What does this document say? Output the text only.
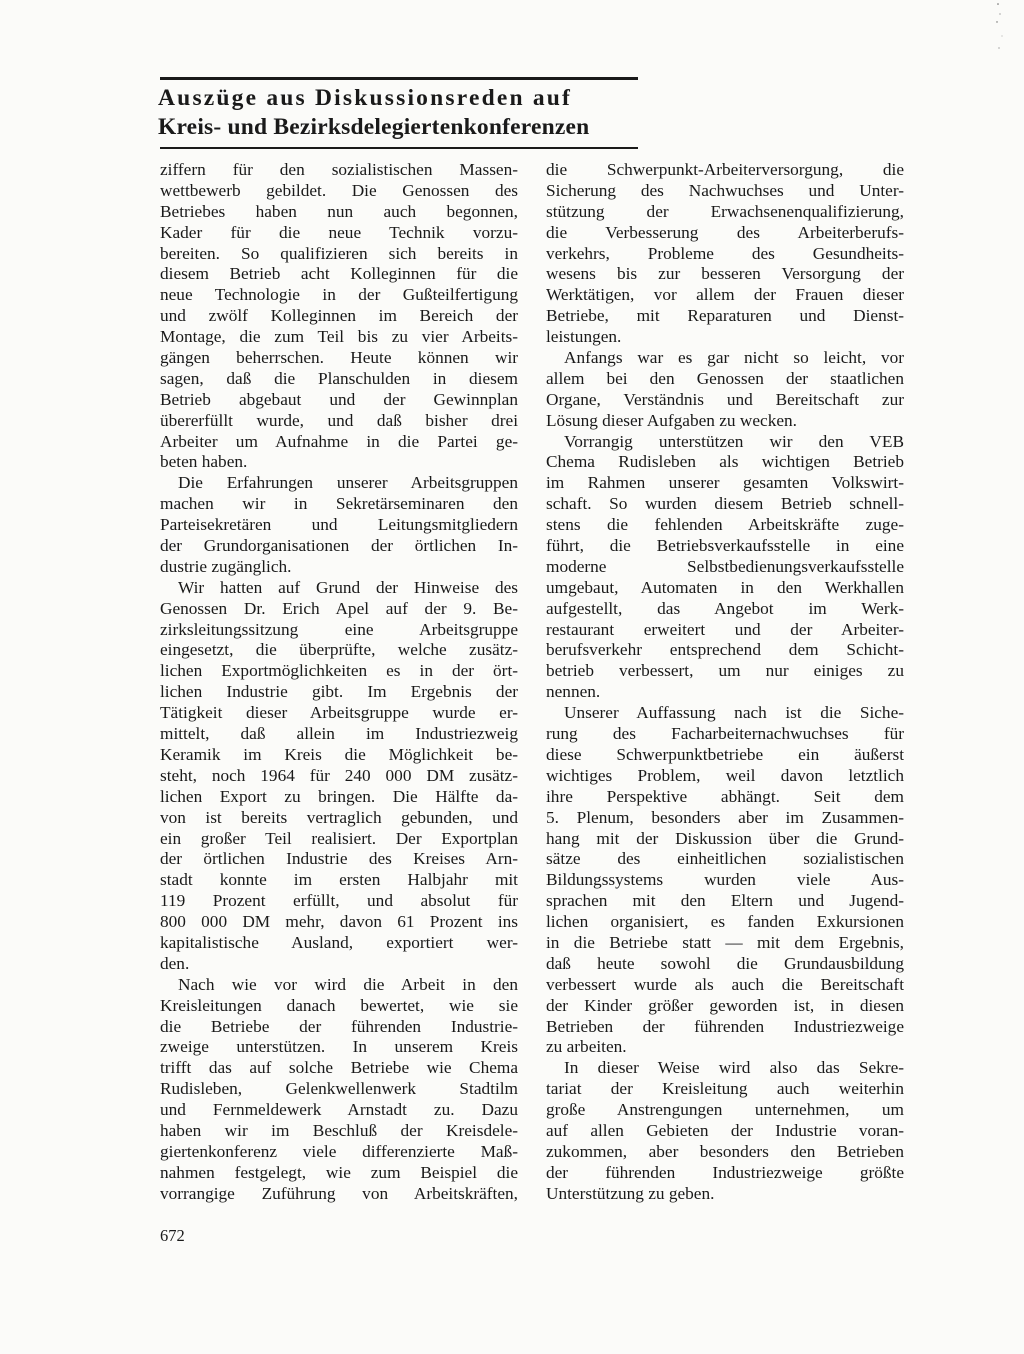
Auszüge aus Diskussionsreden auf
Kreis- und Bezirksdelegiertenkonferenzen
ziffern für den sozialistischen Massen-
wettbewerb gebildet. Die Genossen des
Betriebes haben nun auch begonnen,
Kader für die neue Technik vorzu-
bereiten. So qualifizieren sich bereits in
diesem Betrieb acht Kolleginnen für die
neue Technologie in der Gußteilfertigung
und zwölf Kolleginnen im Bereich der
Montage, die zum Teil bis zu vier Arbeits-
gängen beherrschen. Heute können wir
sagen, daß die Planschulden in diesem
Betrieb abgebaut und der Gewinnplan
übererfüllt wurde, und daß bisher drei
Arbeiter um Aufnahme in die Partei ge-
beten haben.
Die Erfahrungen unserer Arbeitsgruppen
machen wir in Sekretärseminaren den
Parteisekretären und Leitungsmitgliedern
der Grundorganisationen der örtlichen In-
dustrie zugänglich.
Wir hatten auf Grund der Hinweise des
Genossen Dr. Erich Apel auf der 9. Be-
zirksleitungssitzung eine Arbeitsgruppe
eingesetzt, die überprüfte, welche zusätz-
lichen Exportmöglichkeiten es in der ört-
lichen Industrie gibt. Im Ergebnis der
Tätigkeit dieser Arbeitsgruppe wurde er-
mittelt, daß allein im Industriezweig
Keramik im Kreis die Möglichkeit be-
steht, noch 1964 für 240 000 DM zusätz-
lichen Export zu bringen. Die Hälfte da-
von ist bereits vertraglich gebunden, und
ein großer Teil realisiert. Der Exportplan
der örtlichen Industrie des Kreises Arn-
stadt konnte im ersten Halbjahr mit
119 Prozent erfüllt, und absolut für
800 000 DM mehr, davon 61 Prozent ins
kapitalistische Ausland, exportiert wer-
den.
Nach wie vor wird die Arbeit in den
Kreisleitungen danach bewertet, wie sie
die Betriebe der führenden Industrie-
zweige unterstützen. In unserem Kreis
trifft das auf solche Betriebe wie Chema
Rudisleben, Gelenkwellenwerk Stadtilm
und Fernmeldewerk Arnstadt zu. Dazu
haben wir im Beschluß der Kreisdele-
giertenkonferenz viele differenzierte Maß-
nahmen festgelegt, wie zum Beispiel die
vorrangige Zuführung von Arbeitskräften,
die Schwerpunkt-Arbeiterversorgung, die
Sicherung des Nachwuchses und Unter-
stützung der Erwachsenenqualifizierung,
die Verbesserung des Arbeiterberufs-
verkehrs, Probleme des Gesundheits-
wesens bis zur besseren Versorgung der
Werktätigen, vor allem der Frauen dieser
Betriebe, mit Reparaturen und Dienst-
leistungen.
Anfangs war es gar nicht so leicht, vor
allem bei den Genossen der staatlichen
Organe, Verständnis und Bereitschaft zur
Lösung dieser Aufgaben zu wecken.
Vorrangig unterstützen wir den VEB
Chema Rudisleben als wichtigen Betrieb
im Rahmen unserer gesamten Volkswirt-
schaft. So wurden diesem Betrieb schnell-
stens die fehlenden Arbeitskräfte zuge-
führt, die Betriebsverkaufsstelle in eine
moderne Selbstbedienungsverkaufsstelle
umgebaut, Automaten in den Werkhallen
aufgestellt, das Angebot im Werk-
restaurant erweitert und der Arbeiter-
berufsverkehr entsprechend dem Schicht-
betrieb verbessert, um nur einiges zu
nennen.
Unserer Auffassung nach ist die Siche-
rung des Facharbeiternachwuchses für
diese Schwerpunktbetriebe ein äußerst
wichtiges Problem, weil davon letztlich
ihre Perspektive abhängt. Seit dem
5. Plenum, besonders aber im Zusammen-
hang mit der Diskussion über die Grund-
sätze des einheitlichen sozialistischen
Bildungssystems wurden viele Aus-
sprachen mit den Eltern und Jugend-
lichen organisiert, es fanden Exkursionen
in die Betriebe statt — mit dem Ergebnis,
daß heute sowohl die Grundausbildung
verbessert wurde als auch die Bereitschaft
der Kinder größer geworden ist, in diesen
Betrieben der führenden Industriezweige
zu arbeiten.
In dieser Weise wird also das Sekre-
tariat der Kreisleitung auch weiterhin
große Anstrengungen unternehmen, um
auf allen Gebieten der Industrie voran-
zukommen, aber besonders den Betrieben
der führenden Industriezweige größte
Unterstützung zu geben.
672
